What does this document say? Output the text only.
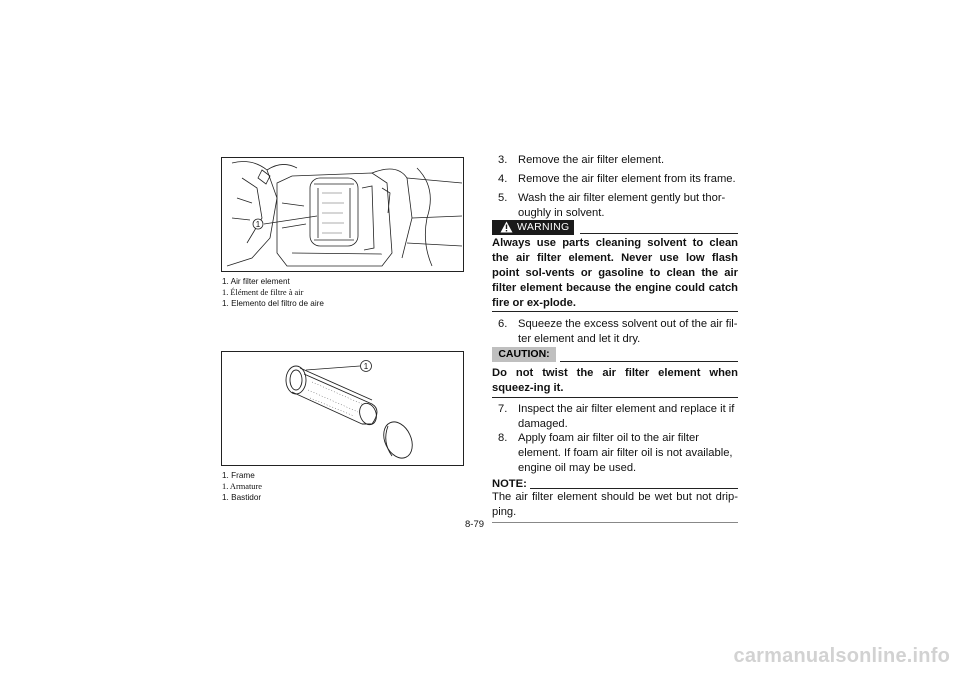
1
1. Air filter element
1. Élément de filtre à air
1. Elemento del filtro de aire
1
1. Frame
1. Armature
1. Bastidor
3. Remove the air filter element.
4. Remove the air filter element from its frame.
5. Wash the air filter element gently but thor-oughly in solvent.
WARNING
Always use parts cleaning solvent to clean the air filter element. Never use low flash point sol-vents or gasoline to clean the air filter element because the engine could catch fire or ex-plode.
6. Squeeze the excess solvent out of the air fil-ter element and let it dry.
CAUTION:
Do not twist the air filter element when squeez-ing it.
7. Inspect the air filter element and replace it if damaged.
8. Apply foam air filter oil to the air filter element. If foam air filter oil is not available, engine oil may be used.
NOTE:
The air filter element should be wet but not drip-ping.
8-79
carmanualsonline.info
